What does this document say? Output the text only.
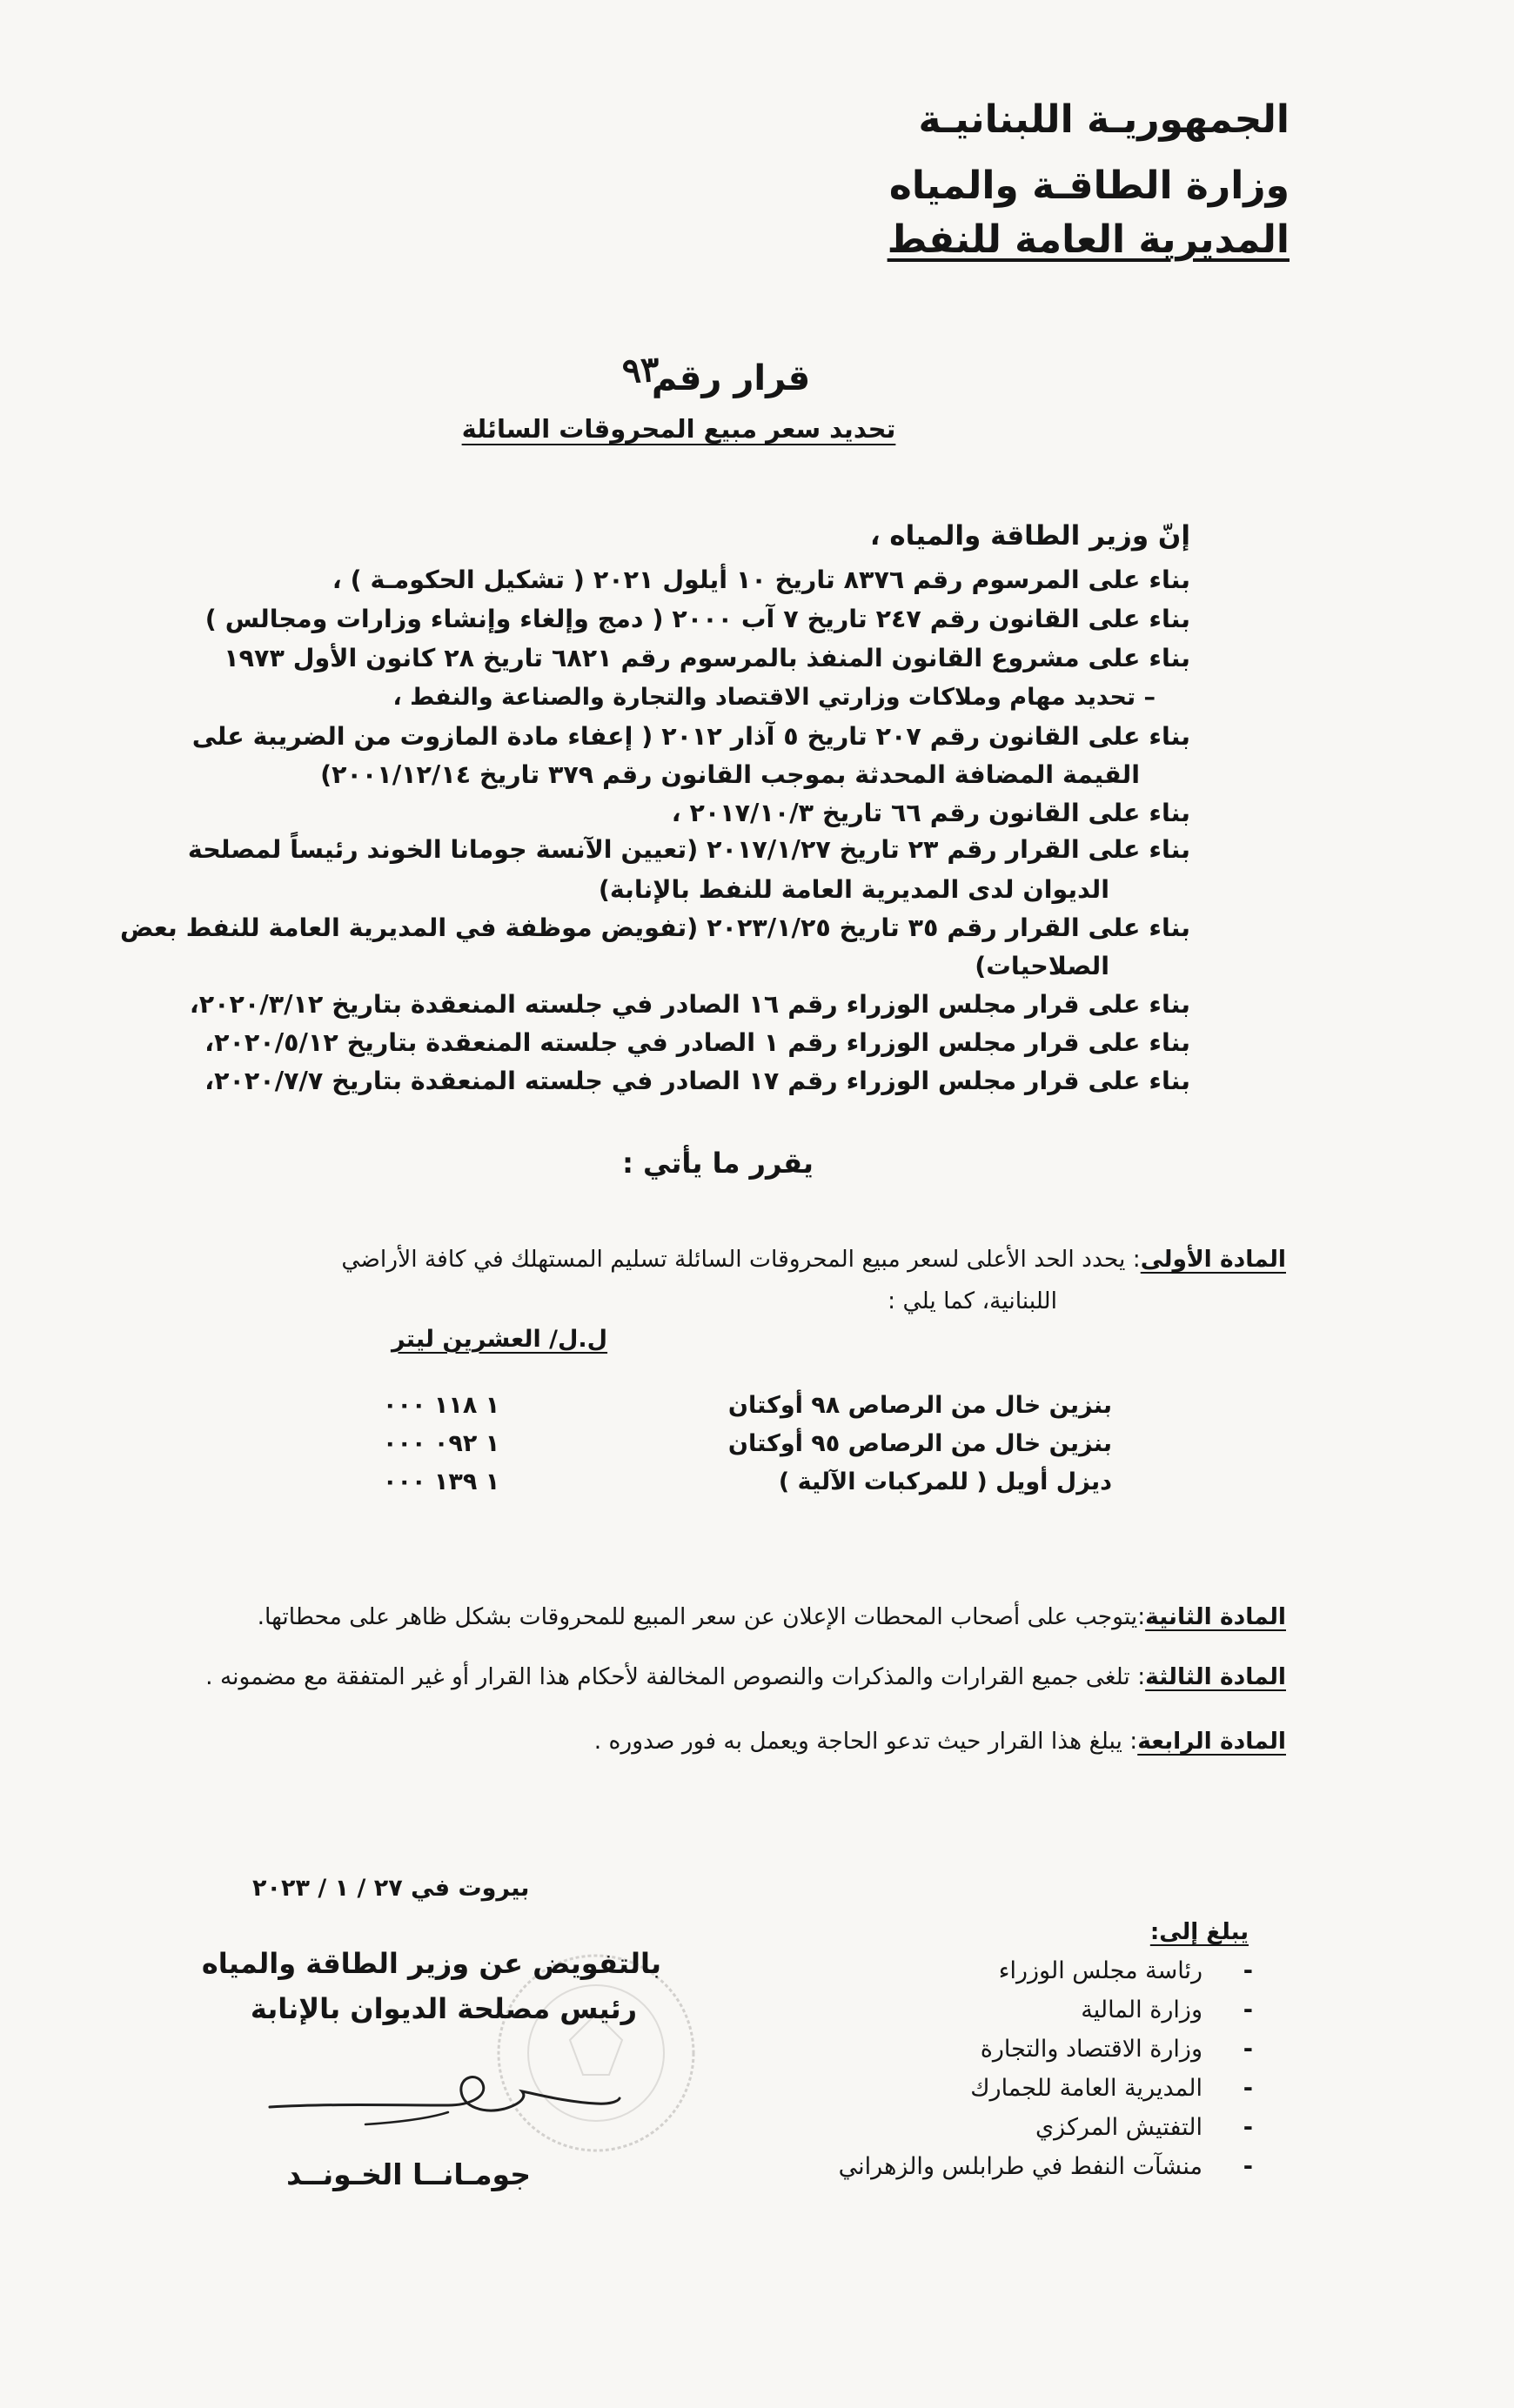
الجمهوريـة اللبنانيـة
وزارة الطاقـة والمياه
المديرية العامة للنفط
قرار رقم
٩٣
تحديد سعر مبيع المحروقات السائلة
إنّ وزير الطاقة والمياه ،
بناء على المرسوم رقم ٨٣٧٦ تاريخ ١٠ أيلول ٢٠٢١ ( تشكيل الحكومـة ) ،
بناء على القانون رقم ٢٤٧ تاريخ ٧ آب ٢٠٠٠ ( دمج وإلغاء وإنشاء وزارات ومجالس )
بناء على مشروع القانون المنفذ بالمرسوم رقم ٦٨٢١ تاريخ ٢٨ كانون الأول ١٩٧٣
– تحديد مهام وملاكات وزارتي الاقتصاد والتجارة والصناعة والنفط ،
بناء على القانون رقم ٢٠٧ تاريخ ٥ آذار ٢٠١٢ ( إعفاء مادة المازوت من الضريبة على
القيمة المضافة المحدثة بموجب القانون رقم ٣٧٩ تاريخ ٢٠٠١/١٢/١٤)
بناء على القانون رقم ٦٦ تاريخ ٢٠١٧/١٠/٣ ،
بناء على القرار رقم ٢٣ تاريخ ٢٠١٧/١/٢٧ (تعيين الآنسة جومانا الخوند رئيساً لمصلحة
الديوان لدى المديرية العامة للنفط بالإنابة)
بناء على القرار رقم ٣٥ تاريخ ٢٠٢٣/١/٢٥ (تفويض موظفة في المديرية العامة للنفط بعض
الصلاحيات)
بناء على قرار مجلس الوزراء رقم ١٦ الصادر في جلسته المنعقدة بتاريخ ٢٠٢٠/٣/١٢،
بناء على قرار مجلس الوزراء رقم ١ الصادر في جلسته المنعقدة بتاريخ ٢٠٢٠/٥/١٢،
بناء على قرار مجلس الوزراء رقم ١٧ الصادر في جلسته المنعقدة بتاريخ ٢٠٢٠/٧/٧،
يقرر ما يأتي :
المادة الأولى: يحدد الحد الأعلى لسعر مبيع المحروقات السائلة تسليم المستهلك في كافة الأراضي
اللبنانية، كما يلي :
ل.ل/ العشرين ليتر
بنزين خال من الرصاص ٩٨ أوكتان
١ ١١٨ ٠٠٠
بنزين خال من الرصاص ٩٥ أوكتان
١ ٠٩٢ ٠٠٠
ديزل أويل ( للمركبات الآلية )
١ ١٣٩ ٠٠٠
المادة الثانية:يتوجب على أصحاب المحطات الإعلان عن سعر المبيع للمحروقات بشكل ظاهر على محطاتها.
المادة الثالثة: تلغى جميع القرارات والمذكرات والنصوص المخالفة لأحكام هذا القرار أو غير المتفقة مع مضمونه .
المادة الرابعة: يبلغ هذا القرار حيث تدعو الحاجة ويعمل به فور صدوره .
بيروت في ٢٧ / ١ / ٢٠٢٣
يبلغ إلى:
-
رئاسة مجلس الوزراء
-
وزارة المالية
-
وزارة الاقتصاد والتجارة
-
المديرية العامة للجمارك
-
التفتيش المركزي
-
منشآت النفط في طرابلس والزهراني
بالتفويض عن وزير الطاقة والمياه
رئيس مصلحة الديوان بالإنابة
جومـانــا الخـونــد
